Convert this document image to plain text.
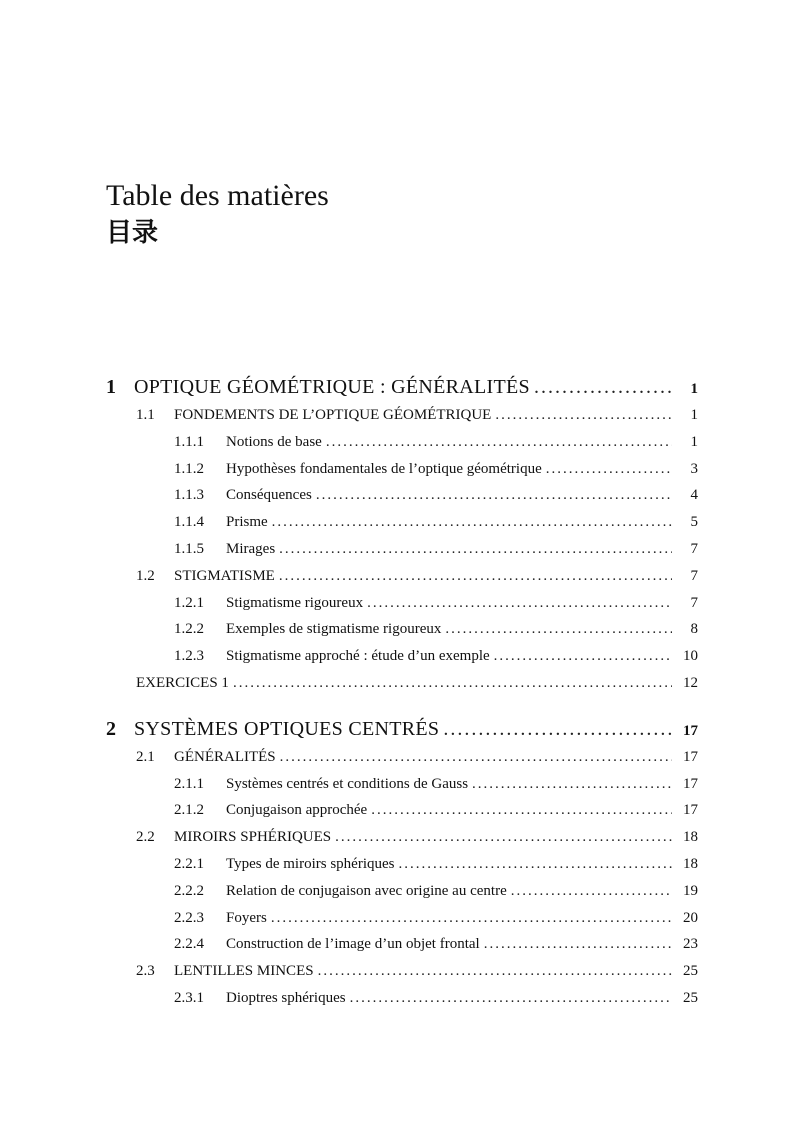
Table des matières
目录
1 OPTIQUE GÉOMÉTRIQUE : GÉNÉRALITÉS .....	1
1.1	FONDEMENTS DE L’OPTIQUE GÉOMÉTRIQUE .....	1
1.1.1	Notions de base .....	1
1.1.2	Hypothèses fondamentales de l’optique géométrique .....	3
1.1.3	Conséquences .....	4
1.1.4	Prisme .....	5
1.1.5	Mirages .....	7
1.2	STIGMATISME .....	7
1.2.1	Stigmatisme rigoureux .....	7
1.2.2	Exemples de stigmatisme rigoureux .....	8
1.2.3	Stigmatisme approché : étude d’un exemple .....	10
EXERCICES 1 .....	12
2 SYSTÈMES OPTIQUES CENTRÉS .....	17
2.1	GÉNÉRALITÉS .....	17
2.1.1	Systèmes centrés et conditions de Gauss .....	17
2.1.2	Conjugaison approchée .....	17
2.2	MIROIRS SPHÉRIQUES .....	18
2.2.1	Types de miroirs sphériques .....	18
2.2.2	Relation de conjugaison avec origine au centre .....	19
2.2.3	Foyers .....	20
2.2.4	Construction de l’image d’un objet frontal .....	23
2.3	LENTILLES MINCES .....	25
2.3.1	Dioptres sphériques .....	25
